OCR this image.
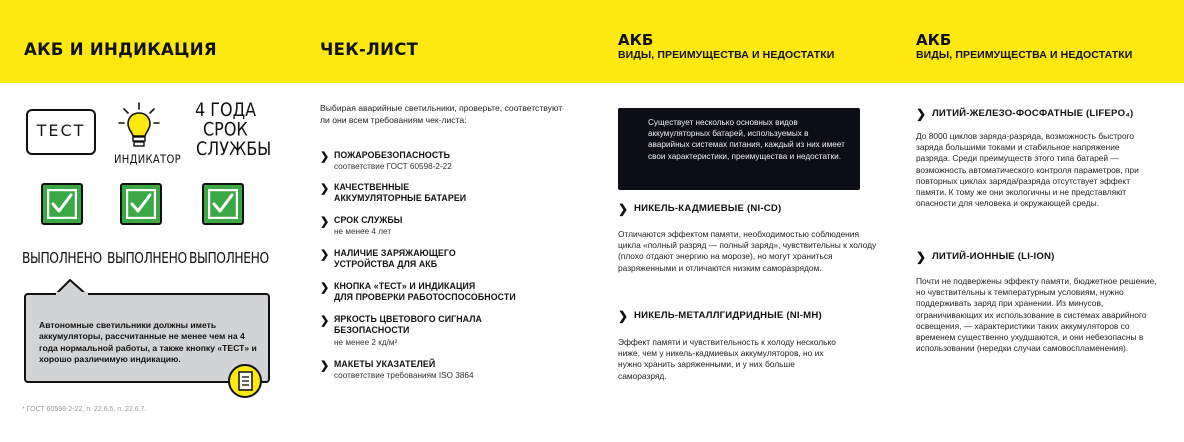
АКБ И ИНДИКАЦИЯ	ЧЕК-ЛИСТ	АКБ
ВИДЫ, ПРЕИМУЩЕСТВА И НЕДОСТАТКИ
АКБ
ВИДЫ, ПРЕИМУЩЕСТВА И НЕДОСТАТКИ
ТЕСТ
ИНДИКАТОР
4 ГОДА
СРОК
СЛУЖБЫ
ВЫПОЛНЕНО ВЫПОЛНЕНО ВЫПОЛНЕНО
Автономные светильники должны иметь аккумуляторы, рассчитанные не менее чем на 4 года нормальной работы, а также кнопку «ТЕСТ» и хорошо различимую индикацию.
* ГОСТ 60598-2-22, п. 22.6.5, п. 22.6.7.
Выбирая аварийные светильники, проверьте, соответствуют ли они всем требованиям чек-листа:
❯ ПОЖАРОБЕЗОПАСНОСТЬ
соответствие ГОСТ 60598-2-22
❯ КАЧЕСТВЕННЫЕ
АККУМУЛЯТОРНЫЕ БАТАРЕИ
❯ СРОК СЛУЖБЫ
не менее 4 лет
❯ НАЛИЧИЕ ЗАРЯЖАЮЩЕГО
УСТРОЙСТВА ДЛЯ АКБ
❯ КНОПКА «ТЕСТ» И ИНДИКАЦИЯ
ДЛЯ ПРОВЕРКИ РАБОТОСПОСОБНОСТИ
❯ ЯРКОСТЬ ЦВЕТОВОГО СИГНАЛА
БЕЗОПАСНОСТИ
не менее 2 кд/м²
❯ МАКЕТЫ УКАЗАТЕЛЕЙ
соответствие требованиям ISO 3864
Существует несколько основных видов аккумуляторных батарей, используемых в аварийных системах питания, каждый из них имеет свои характеристики, преимущества и недостатки.
❯ НИКЕЛЬ-КАДМИЕВЫЕ (NI-CD)
Отличаются эффектом памяти, необходимостью соблюдения цикла «полный разряд — полный заряд», чувствительны к холоду (плохо отдают энергию на морозе), но могут храниться разряженными и отличаются низким саморазрядом.
❯ НИКЕЛЬ-МЕТАЛЛГИДРИДНЫЕ (NI-MH)
Эффект памяти и чувствительность к холоду несколько ниже, чем у никель-кадмиевых аккумуляторов, но их нужно хранить заряженными, и у них больше саморазряд.
❯ ЛИТИЙ-ЖЕЛЕЗО-ФОСФАТНЫЕ (LIFEPO₄)
До 8000 циклов заряда-разряда, возможность быстрого заряда большими токами и стабильное напряжение разряда. Среди преимуществ этого типа батарей — возможность автоматического контроля параметров, при повторных циклах заряда/разряда отсутствует эффект памяти. К тому же они экологичны и не представляют опасности для человека и окружающей среды.
❯ ЛИТИЙ-ИОННЫЕ (LI-ION)
Почти не подвержены эффекту памяти, бюджетное решение, но чувствительны к температурным условиям, нужно поддерживать заряд при хранении. Из минусов, ограничивающих их использование в системах аварийного освещения, — характеристики таких аккумуляторов со временем существенно ухудшаются, и они небезопасны в использовании (нередки случаи самовоспламенения).
